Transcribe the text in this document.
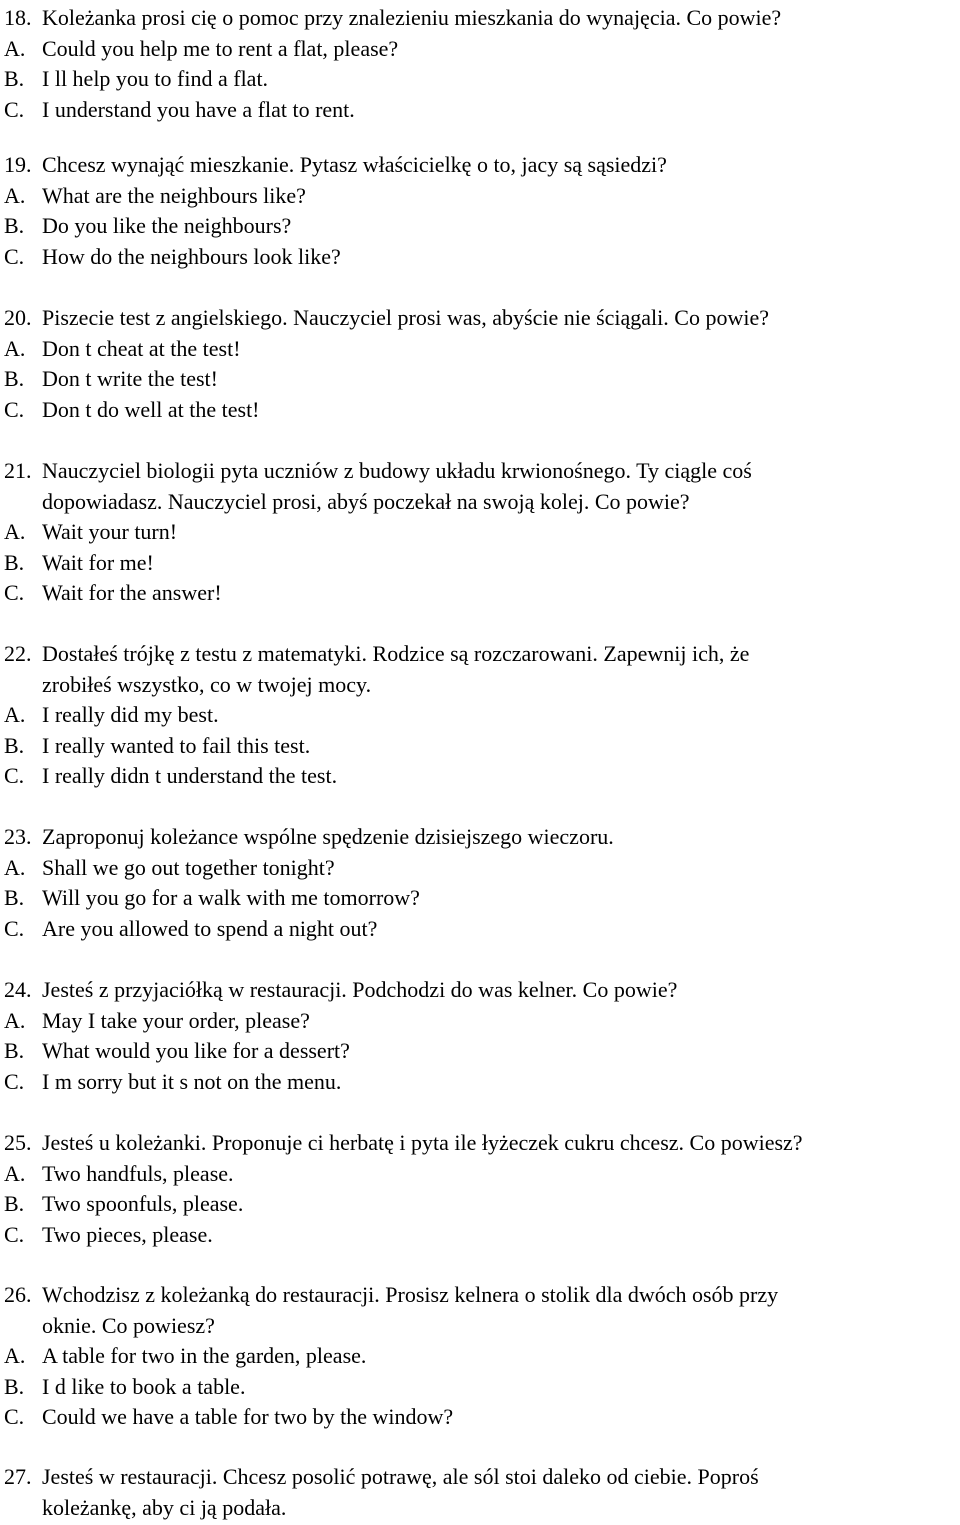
18. Koleżanka prosi cię o pomoc przy znalezieniu mieszkania do wynajęcia. Co powie?
A. Could you help me to rent a flat, please?
B. I ll help you to find a flat.
C. I understand you have a flat to rent.
19. Chcesz wynająć mieszkanie. Pytasz właścicielkę o to, jacy są sąsiedzi?
A. What are the neighbours like?
B. Do you like the neighbours?
C. How do the neighbours look like?
20. Piszecie test z angielskiego. Nauczyciel prosi was, abyście nie ściągali. Co powie?
A. Don t cheat at the test!
B. Don t write the test!
C. Don t do well at the test!
21. Nauczyciel biologii pyta uczniów z budowy układu krwionośnego. Ty ciągle coś
dopowiadasz. Nauczyciel prosi, abyś poczekał na swoją kolej. Co powie?
A. Wait your turn!
B. Wait for me!
C. Wait for the answer!
22. Dostałeś trójkę z testu z matematyki. Rodzice są rozczarowani. Zapewnij ich, że
zrobiłeś wszystko, co w twojej mocy.
A. I really did my best.
B. I really wanted to fail this test.
C. I really didn t understand the test.
23. Zaproponuj koleżance wspólne spędzenie dzisiejszego wieczoru.
A. Shall we go out together tonight?
B. Will you go for a walk with me tomorrow?
C. Are you allowed to spend a night out?
24. Jesteś z przyjaciółką w restauracji. Podchodzi do was kelner. Co powie?
A. May I take your order, please?
B. What would you like for a dessert?
C. I m sorry but it s not on the menu.
25. Jesteś u koleżanki. Proponuje ci herbatę i pyta ile łyżeczek cukru chcesz. Co powiesz?
A. Two handfuls, please.
B. Two spoonfuls, please.
C. Two pieces, please.
26. Wchodzisz z koleżanką do restauracji. Prosisz kelnera o stolik dla dwóch osób przy
oknie. Co powiesz?
A. A table for two in the garden, please.
B. I d like to book a table.
C. Could we have a table for two by the window?
27. Jesteś w restauracji. Chcesz posolić potrawę, ale sól stoi daleko od ciebie. Poproś
koleżankę, aby ci ją podała.
